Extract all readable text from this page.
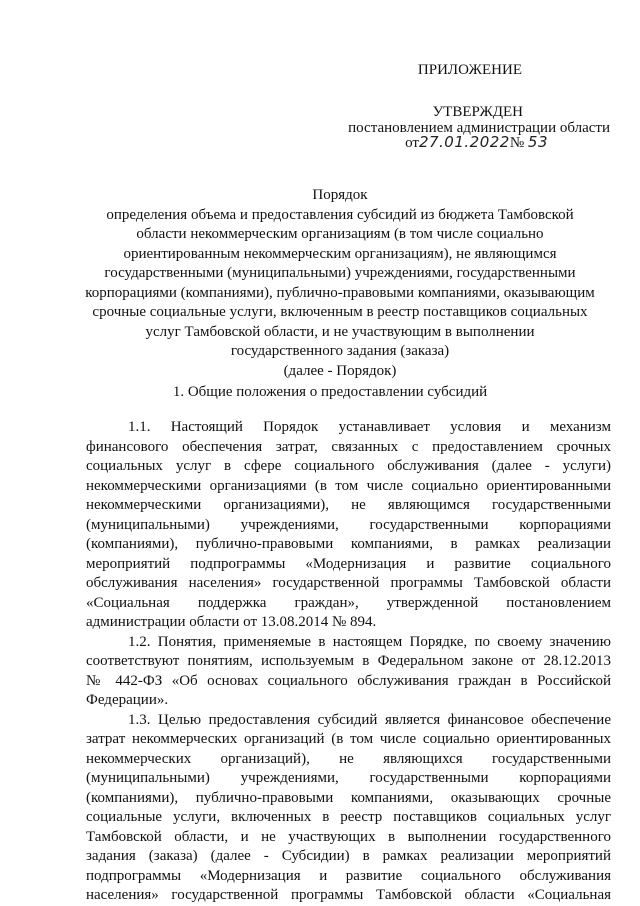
ПРИЛОЖЕНИЕ
УТВЕРЖДЕН
постановлением администрации области
от27.01.2022№ 53
Порядок
определения объема и предоставления субсидий из бюджета Тамбовской
области некоммерческим организациям (в том числе социально
ориентированным некоммерческим организациям), не являющимся
государственными (муниципальными) учреждениями, государственными
корпорациями (компаниями), публично-правовыми компаниями, оказывающим
срочные социальные услуги, включенным в реестр поставщиков социальных
услуг Тамбовской области, и не участвующим в выполнении
государственного задания (заказа)
(далее - Порядок)
1. Общие положения о предоставлении субсидий
1.1. Настоящий Порядок устанавливает условия и механизм
финансового обеспечения затрат, связанных с предоставлением срочных
социальных услуг в сфере социального обслуживания (далее - услуги)
некоммерческими организациями (в том числе социально ориентированными
некоммерческими организациями), не являющимся государственными
(муниципальными) учреждениями, государственными корпорациями
(компаниями), публично-правовыми компаниями, в рамках реализации
мероприятий подпрограммы «Модернизация и развитие социального
обслуживания населения» государственной программы Тамбовской области
«Социальная поддержка граждан», утвержденной постановлением
администрации области от 13.08.2014 № 894.
1.2. Понятия, применяемые в настоящем Порядке, по своему значению
соответствуют понятиям, используемым в Федеральном законе от 28.12.2013
№ 442-ФЗ «Об основах социального обслуживания граждан в Российской
Федерации».
1.3. Целью предоставления субсидий является финансовое обеспечение
затрат некоммерческих организаций (в том числе социально ориентированных
некоммерческих организаций), не являющихся государственными
(муниципальными) учреждениями, государственными корпорациями
(компаниями), публично-правовыми компаниями, оказывающих срочные
социальные услуги, включенных в реестр поставщиков социальных услуг
Тамбовской области, и не участвующих в выполнении государственного
задания (заказа) (далее - Субсидии) в рамках реализации мероприятий
подпрограммы «Модернизация и развитие социального обслуживания
населения» государственной программы Тамбовской области «Социальная
